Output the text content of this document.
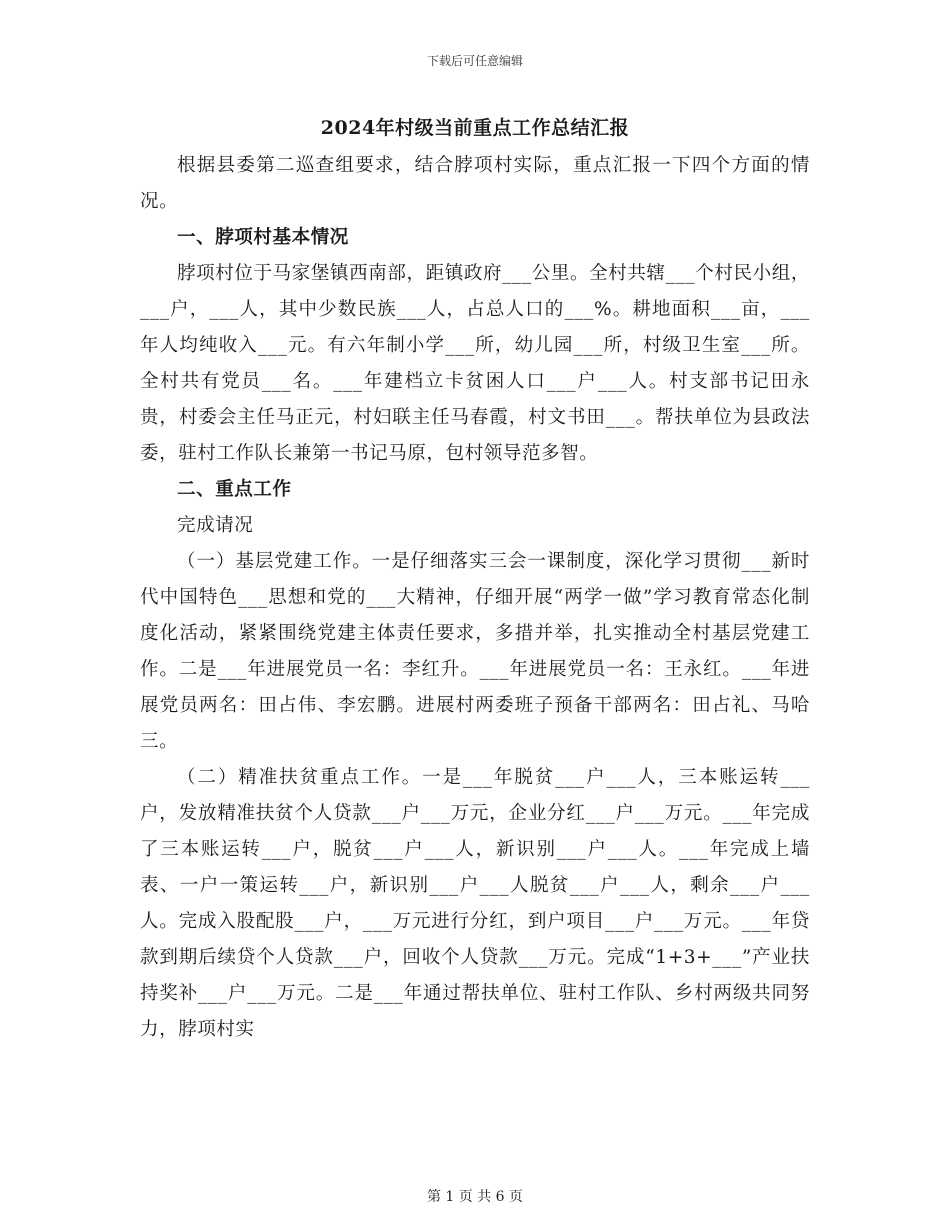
下载后可任意编辑
2024年村级当前重点工作总结汇报

根据县委第二巡查组要求，结合脖项村实际，重点汇报一下四个方面的情况。

一、脖项村基本情况

脖项村位于马家堡镇西南部，距镇政府___公里。全村共辖___个村民小组，___户，___人，其中少数民族___人，占总人口的___%。耕地面积___亩，___年人均纯收入___元。有六年制小学___所，幼儿园___所，村级卫生室___所。全村共有党员___名。___年建档立卡贫困人口___户___人。村支部书记田永贵，村委会主任马正元，村妇联主任马春霞，村文书田___。帮扶单位为县政法委，驻村工作队长兼第一书记马原，包村领导范多智。

二、重点工作

完成请况

（一）基层党建工作。一是仔细落实三会一课制度，深化学习贯彻___新时代中国特色___思想和党的___大精神，仔细开展“两学一做”学习教育常态化制度化活动，紧紧围绕党建主体责任要求，多措并举，扎实推动全村基层党建工作。二是___年进展党员一名：李红升。___年进展党员一名：王永红。___年进展党员两名：田占伟、李宏鹏。进展村两委班子预备干部两名：田占礼、马哈三。

（二）精准扶贫重点工作。一是___年脱贫___户___人，三本账运转___户，发放精准扶贫个人贷款___户___万元，企业分红___户___万元。___年完成了三本账运转___户，脱贫___户___人，新识别___户___人。___年完成上墙表、一户一策运转___户，新识别___户___人脱贫___户___人，剩余___户___人。完成入股配股___户，___万元进行分红，到户项目___户___万元。___年贷款到期后续贷个人贷款___户，回收个人贷款___万元。完成“1+3+___”产业扶持奖补___户___万元。二是___年通过帮扶单位、驻村工作队、乡村两级共同努力，脖项村实

第 1 页 共 6 页
